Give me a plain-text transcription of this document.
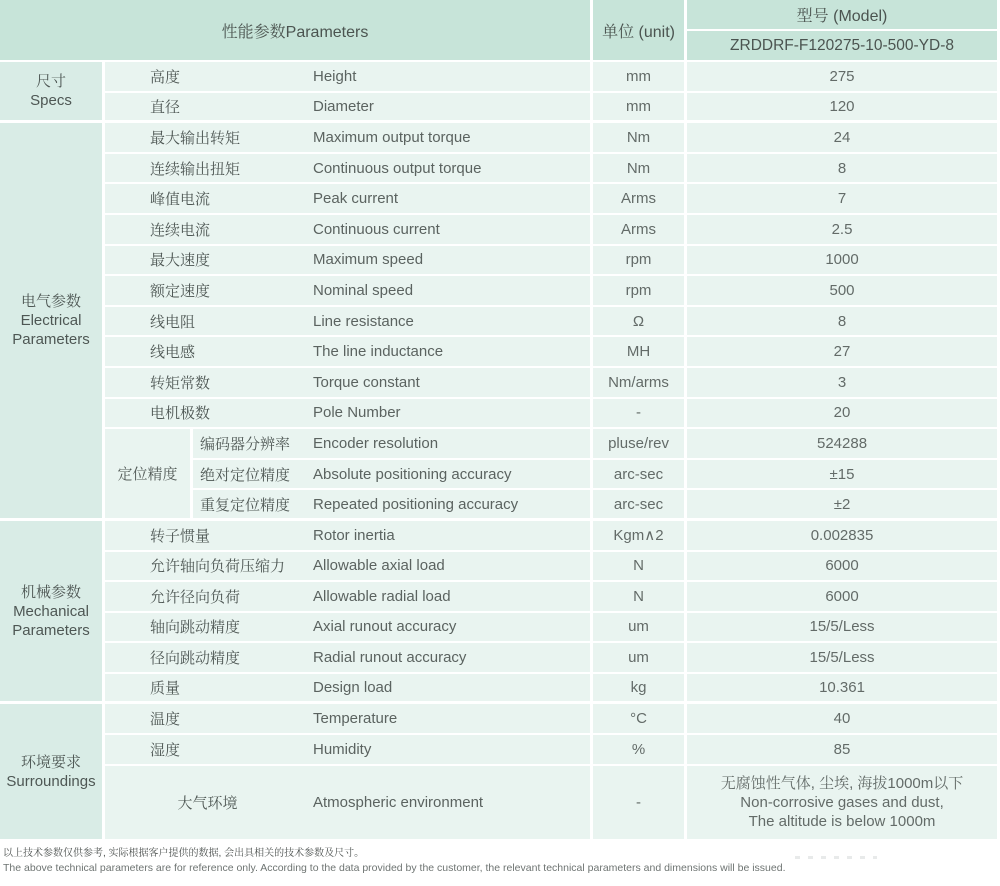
性能参数Parameters			单位 (unit)	型号 (Model)
				ZRDDRF-F120275-10-500-YD-8

尺寸
Specs	高度 Height		mm	275
	直径 Diameter		mm	120

电气参数
Electrical Parameters	最大输出转矩 Maximum output torque		Nm	24
	连续输出扭矩 Continuous output torque		Nm	8
	峰值电流 Peak current		Arms	7
	连续电流 Continuous current		Arms	2.5
	最大速度 Maximum speed		rpm	1000
	额定速度 Nominal speed		rpm	500
	线电阻 Line resistance		Ω	8
	线电感 The line inductance		MH	27
	转矩常数 Torque constant		Nm/arms	3
	电机极数 Pole Number		-	20
	定位精度	编码器分辨率 Encoder resolution	pluse/rev	524288
		绝对定位精度 Absolute positioning accuracy	arc-sec	±15
		重复定位精度 Repeated positioning accuracy	arc-sec	±2

机械参数
Mechanical Parameters	转子惯量 Rotor inertia		Kgm∧2	0.002835
	允许轴向负荷压缩力 Allowable axial load		N	6000
	允许径向负荷 Allowable radial load		N	6000
	轴向跳动精度 Axial runout accuracy		um	15/5/Less
	径向跳动精度 Radial runout accuracy		um	15/5/Less
	质量 Design load		kg	10.361

环境要求
Surroundings	温度 Temperature		°C	40
	湿度 Humidity		%	85
	大气环境 Atmospheric environment		-	无腐蚀性气体, 尘埃, 海拔1000m以下
Non-corrosive gases and dust,
The altitude is below 1000m
以上技术参数仅供参考, 实际根据客户提供的数据, 会出具相关的技术参数及尺寸。
The above technical parameters are for reference only. According to the data provided by the customer, the relevant technical parameters and dimensions will be issued.
